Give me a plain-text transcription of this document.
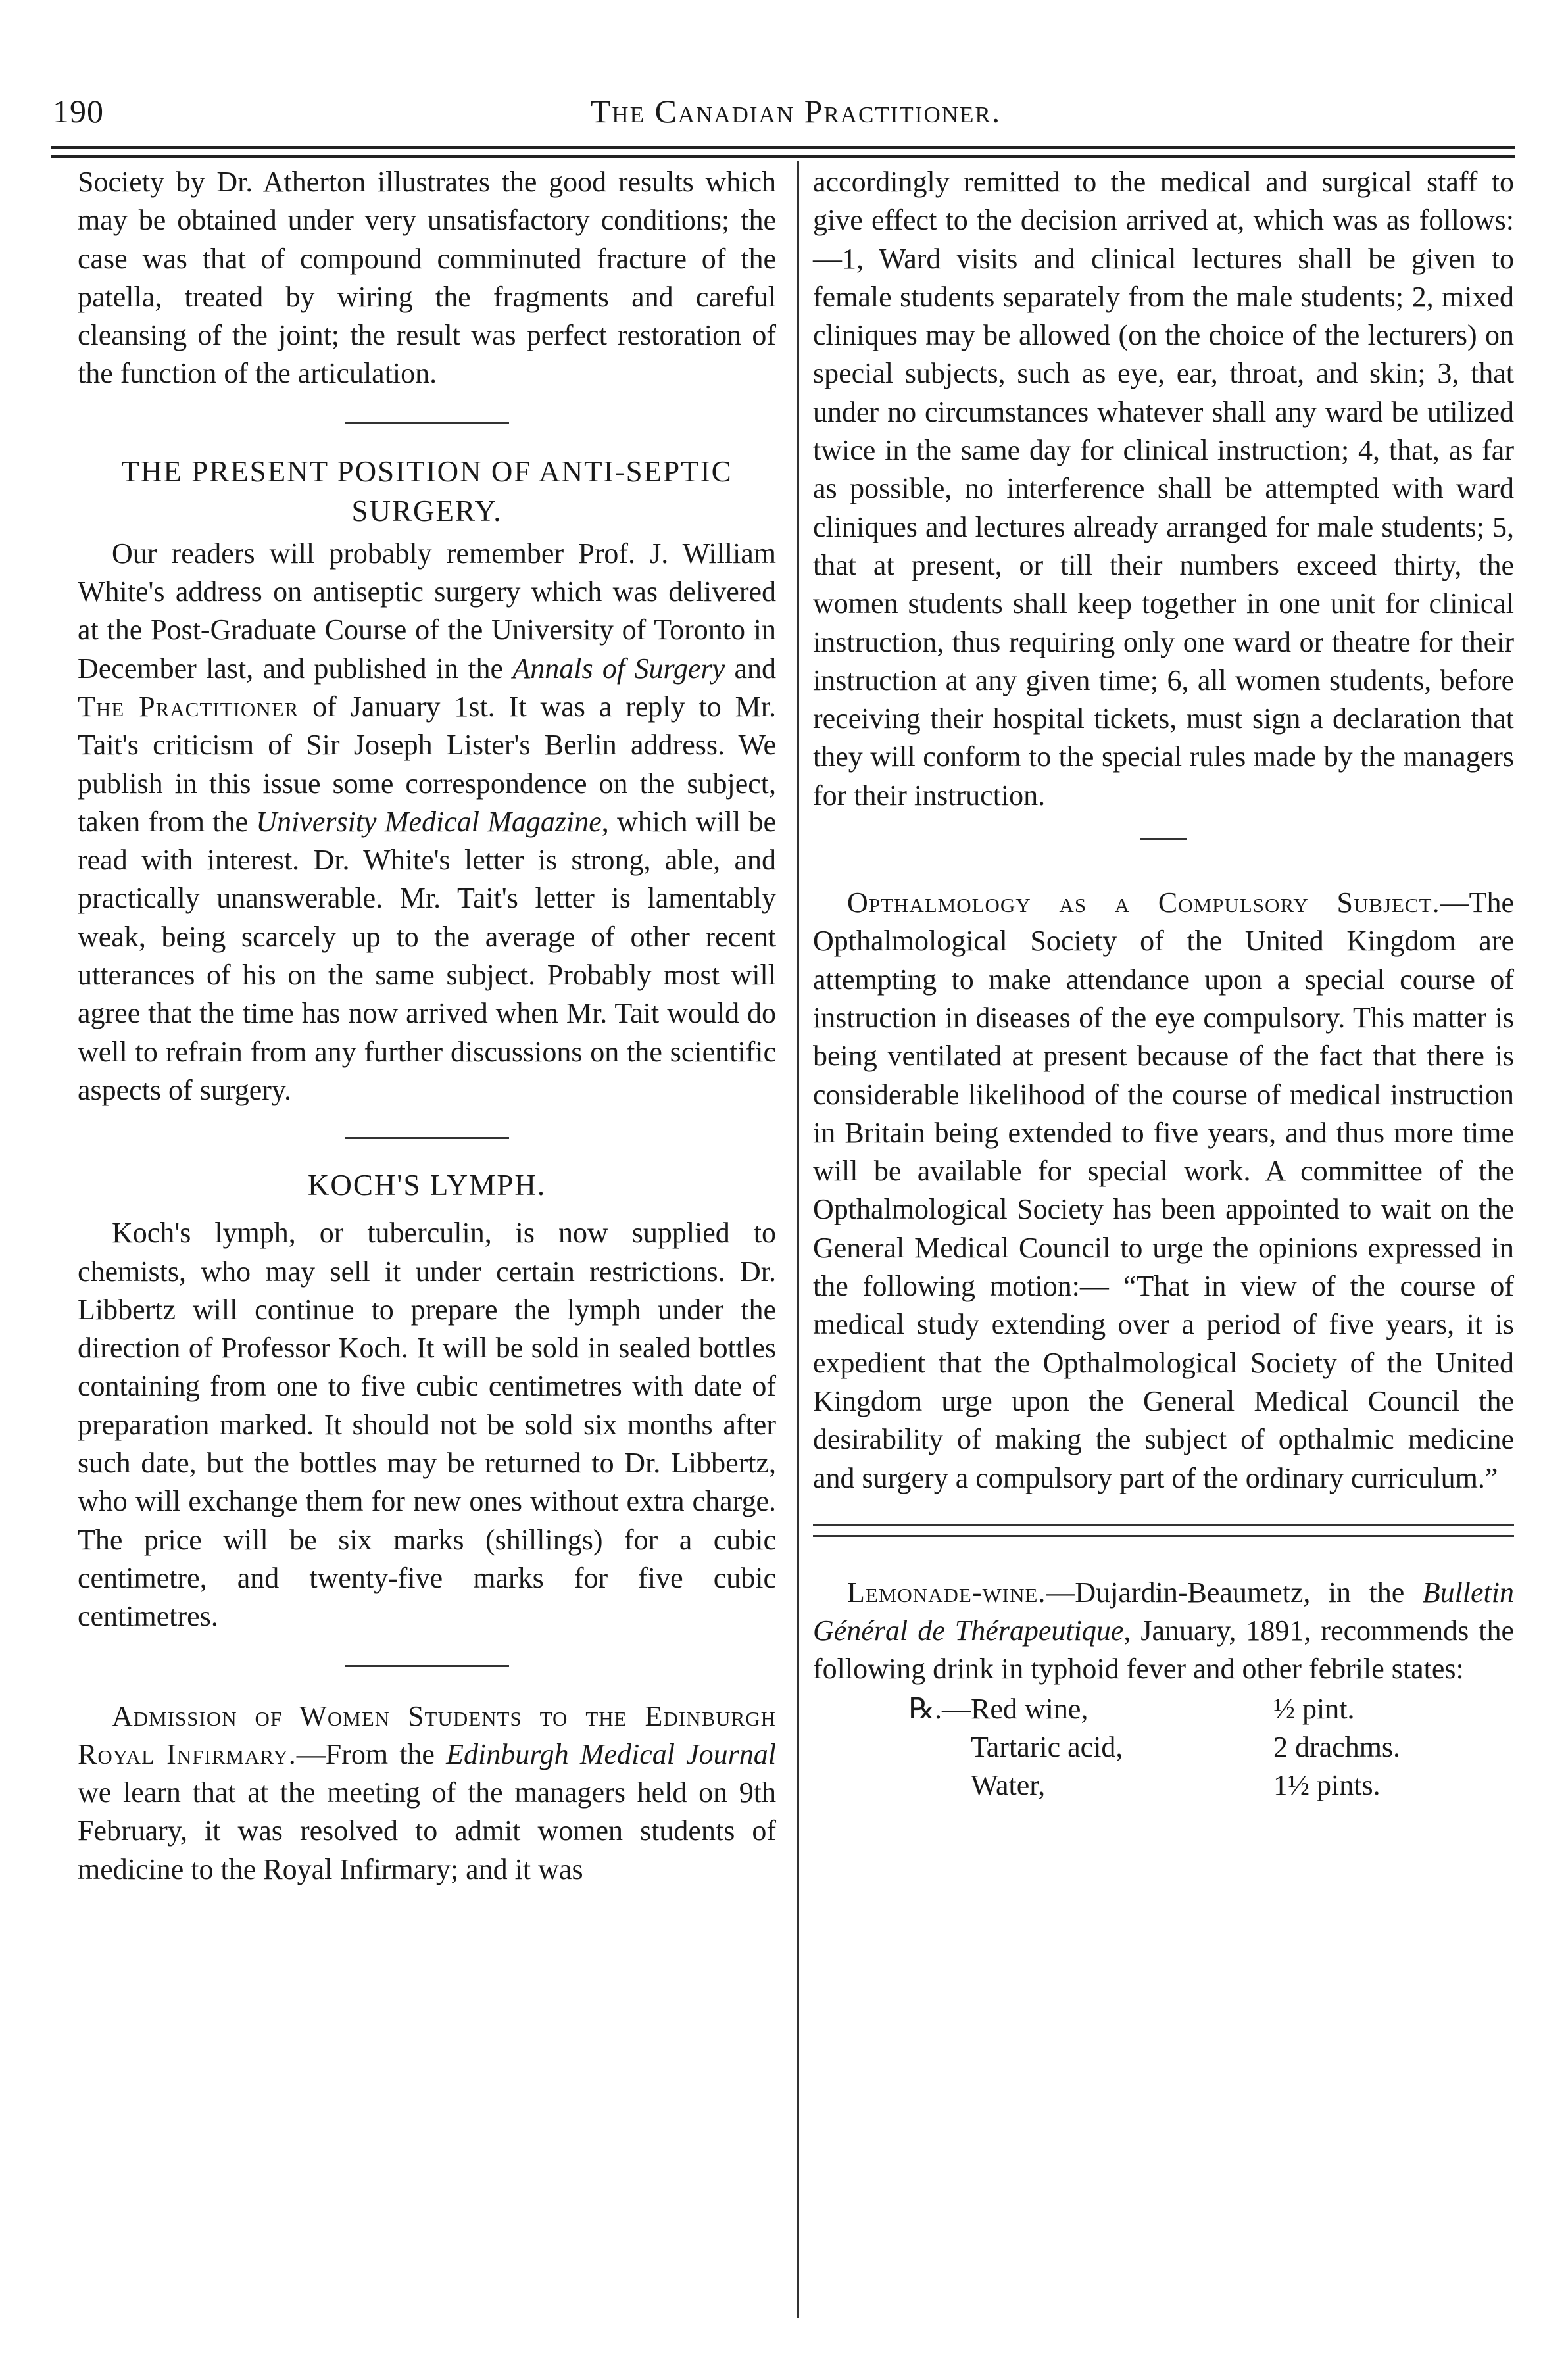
190	The Canadian Practitioner.

Society by Dr. Atherton illustrates the good results which may be obtained under very unsatisfactory conditions; the case was that of compound comminuted fracture of the patella, treated by wiring the fragments and careful cleansing of the joint; the result was perfect restoration of the function of the articulation.

THE PRESENT POSITION OF ANTI-SEPTIC SURGERY.

Our readers will probably remember Prof. J. William White's address on antiseptic surgery which was delivered at the Post-Graduate Course of the University of Toronto in December last, and published in the Annals of Surgery and The Practitioner of January 1st. It was a reply to Mr. Tait's criticism of Sir Joseph Lister's Berlin address. We publish in this issue some correspondence on the subject, taken from the University Medical Magazine, which will be read with interest. Dr. White's letter is strong, able, and practically unanswerable. Mr. Tait's letter is lamentably weak, being scarcely up to the average of other recent utterances of his on the same subject. Probably most will agree that the time has now arrived when Mr. Tait would do well to refrain from any further discussions on the scientific aspects of surgery.

KOCH'S LYMPH.

Koch's lymph, or tuberculin, is now supplied to chemists, who may sell it under certain restrictions. Dr. Libbertz will continue to prepare the lymph under the direction of Professor Koch. It will be sold in sealed bottles containing from one to five cubic centimetres with date of preparation marked. It should not be sold six months after such date, but the bottles may be returned to Dr. Libbertz, who will exchange them for new ones without extra charge. The price will be six marks (shillings) for a cubic centimetre, and twenty-five marks for five cubic centimetres.

Admission of Women Students to the Edinburgh Royal Infirmary.—From the Edinburgh Medical Journal we learn that at the meeting of the managers held on 9th February, it was resolved to admit women students of medicine to the Royal Infirmary; and it was

accordingly remitted to the medical and surgical staff to give effect to the decision arrived at, which was as follows:—1, Ward visits and clinical lectures shall be given to female students separately from the male students; 2, mixed cliniques may be allowed (on the choice of the lecturers) on special subjects, such as eye, ear, throat, and skin; 3, that under no circumstances whatever shall any ward be utilized twice in the same day for clinical instruction; 4, that, as far as possible, no interference shall be attempted with ward cliniques and lectures already arranged for male students; 5, that at present, or till their numbers exceed thirty, the women students shall keep together in one unit for clinical instruction, thus requiring only one ward or theatre for their instruction at any given time; 6, all women students, before receiving their hospital tickets, must sign a declaration that they will conform to the special rules made by the managers for their instruction.

Opthalmology as a Compulsory Subject.—The Opthalmological Society of the United Kingdom are attempting to make attendance upon a special course of instruction in diseases of the eye compulsory. This matter is being ventilated at present because of the fact that there is considerable likelihood of the course of medical instruction in Britain being extended to five years, and thus more time will be available for special work. A committee of the Opthalmological Society has been appointed to wait on the General Medical Council to urge the opinions expressed in the following motion:— “That in view of the course of medical study extending over a period of five years, it is expedient that the Opthalmological Society of the United Kingdom urge upon the General Medical Council the desirability of making the subject of opthalmic medicine and surgery a compulsory part of the ordinary curriculum.”

Lemonade-wine.—Dujardin-Beaumetz, in the Bulletin Général de Thérapeutique, January, 1891, recommends the following drink in typhoid fever and other febrile states:

℞.— Red wine,	½ pint.
Tartaric acid,	2 drachms.
Water,	1½ pints.
